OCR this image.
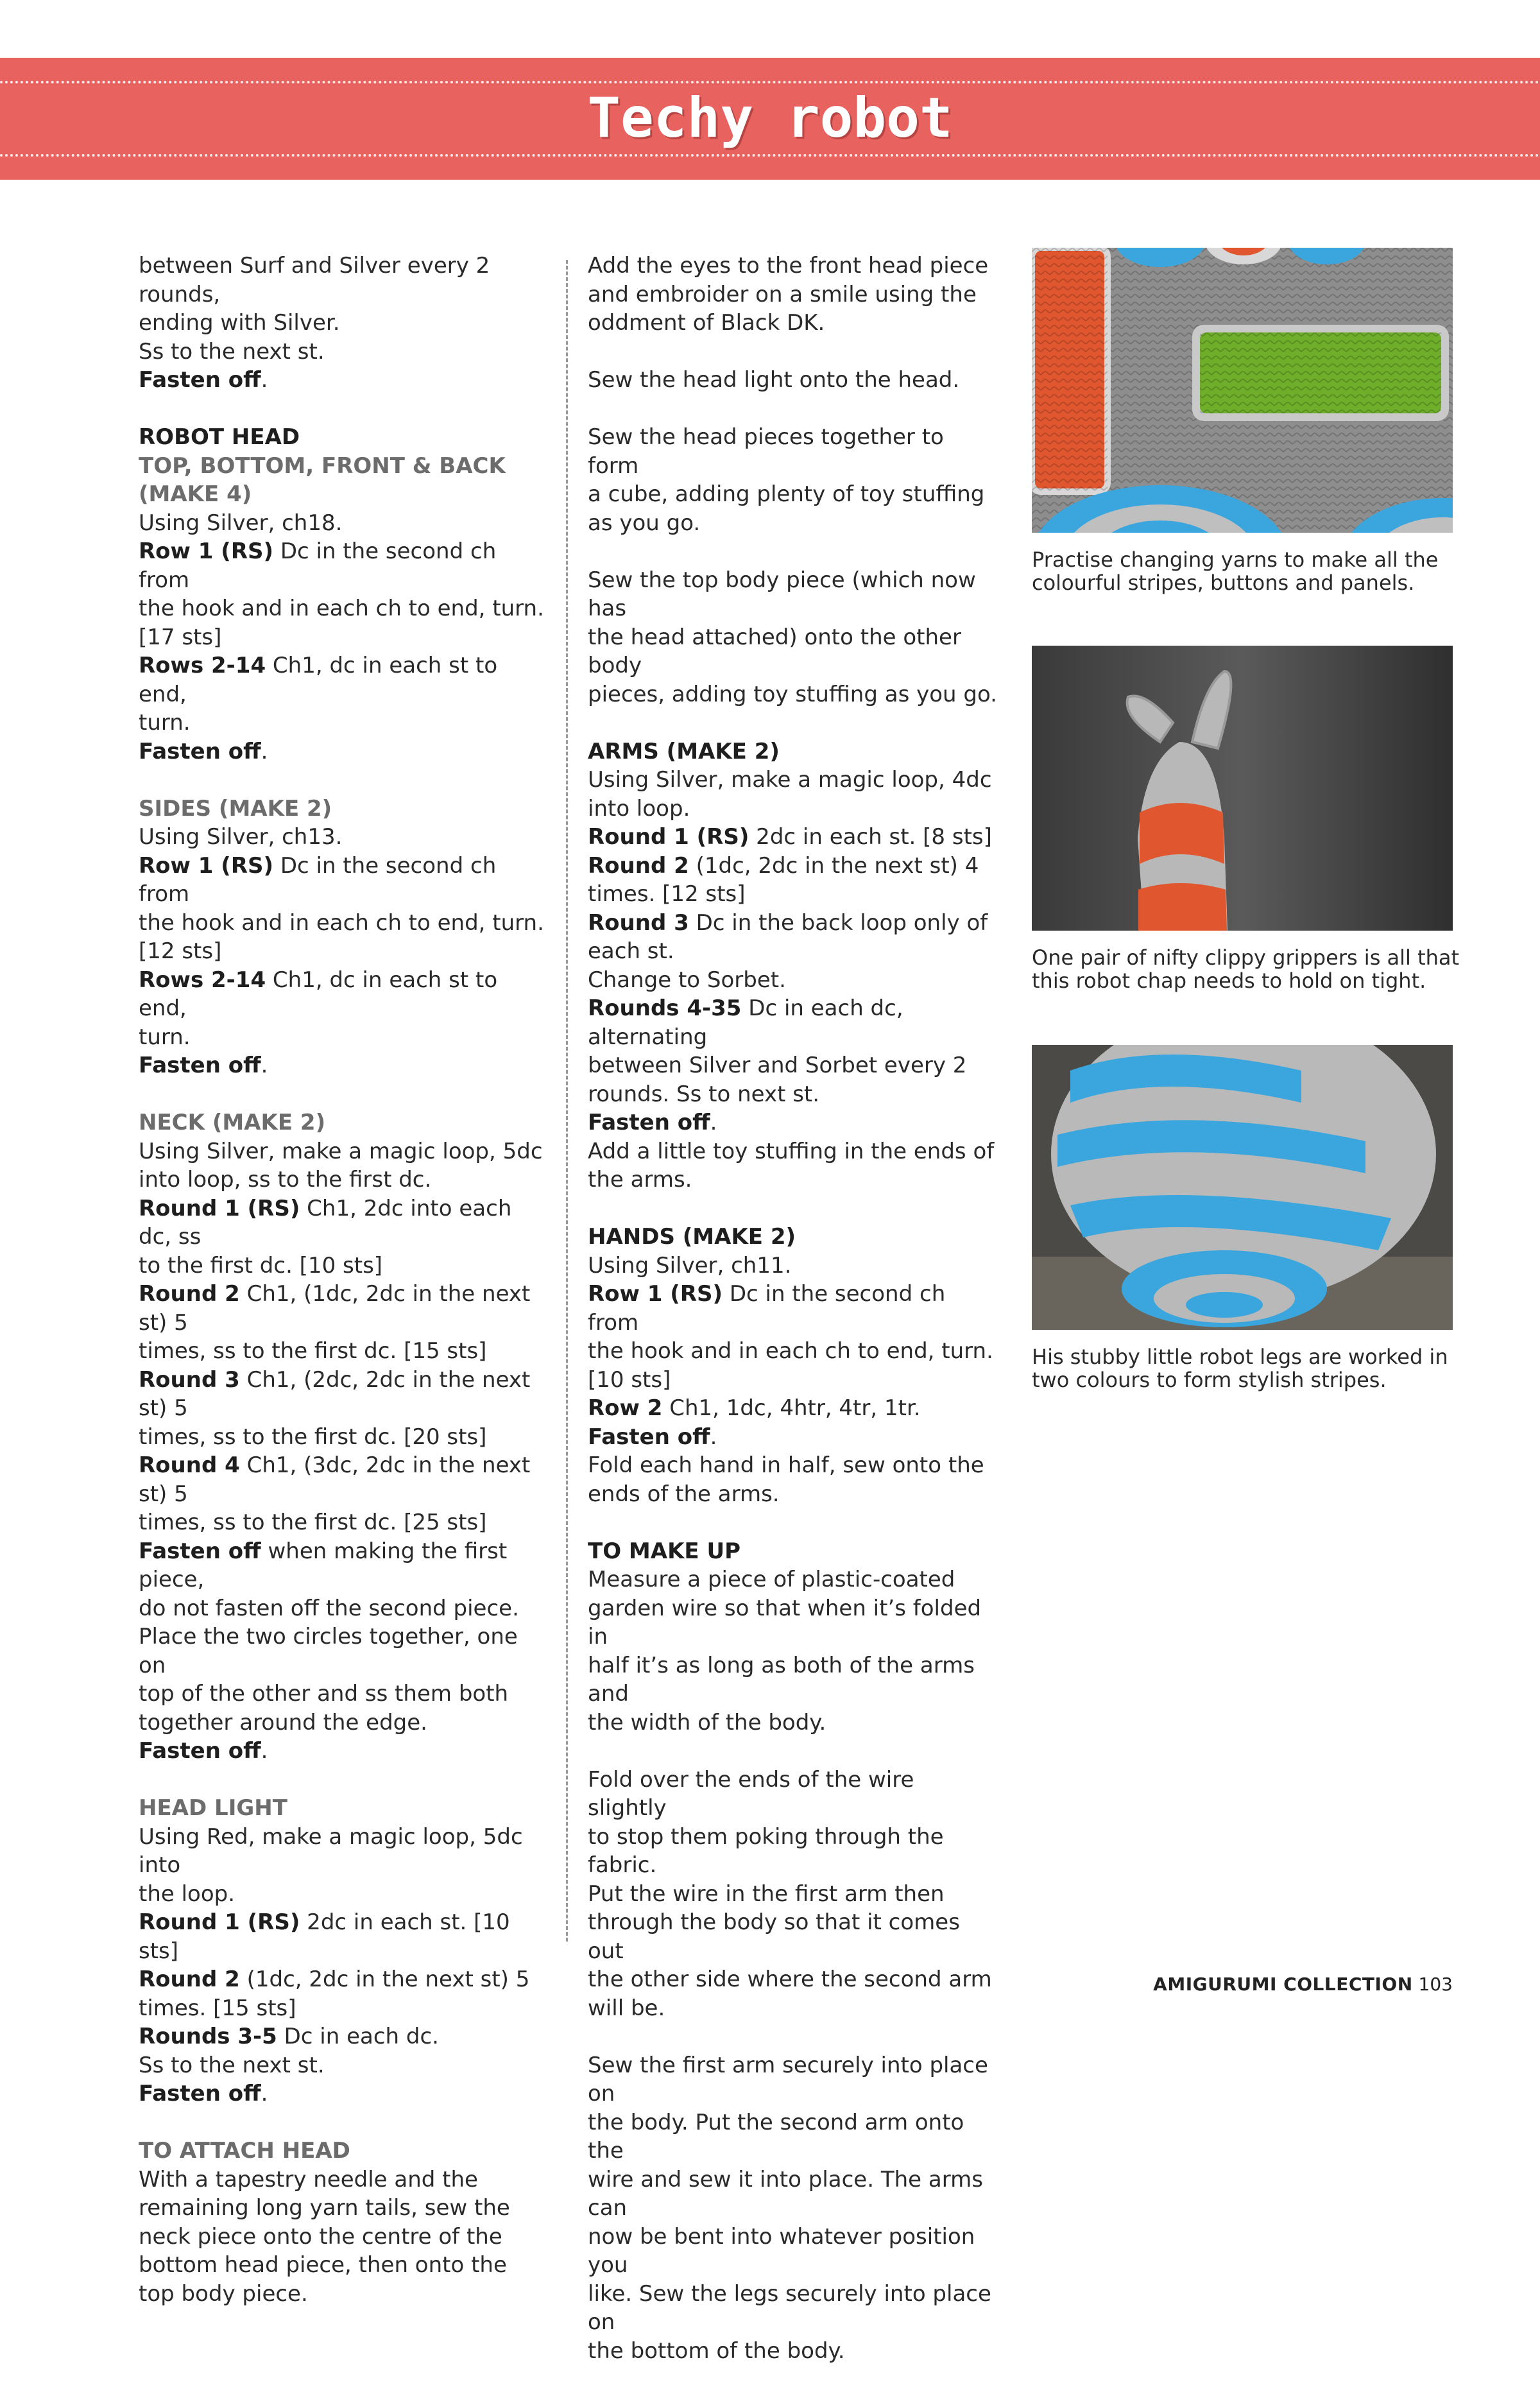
Techy robot

between Surf and Silver every 2 rounds,
ending with Silver.
Ss to the next st.
Fasten off.

ROBOT HEAD
TOP, BOTTOM, FRONT & BACK
(MAKE 4)
Using Silver, ch18.
Row 1 (RS) Dc in the second ch from
the hook and in each ch to end, turn.
[17 sts]
Rows 2-14 Ch1, dc in each st to end,
turn.
Fasten off.

SIDES (MAKE 2)
Using Silver, ch13.
Row 1 (RS) Dc in the second ch from
the hook and in each ch to end, turn.
[12 sts]
Rows 2-14 Ch1, dc in each st to end,
turn.
Fasten off.

NECK (MAKE 2)
Using Silver, make a magic loop, 5dc
into loop, ss to the first dc.
Round 1 (RS) Ch1, 2dc into each dc, ss
to the first dc. [10 sts]
Round 2 Ch1, (1dc, 2dc in the next st) 5
times, ss to the first dc. [15 sts]
Round 3 Ch1, (2dc, 2dc in the next st) 5
times, ss to the first dc. [20 sts]
Round 4 Ch1, (3dc, 2dc in the next st) 5
times, ss to the first dc. [25 sts]
Fasten off when making the first piece,
do not fasten off the second piece.
Place the two circles together, one on
top of the other and ss them both
together around the edge.
Fasten off.

HEAD LIGHT
Using Red, make a magic loop, 5dc into
the loop.
Round 1 (RS) 2dc in each st. [10 sts]
Round 2 (1dc, 2dc in the next st) 5
times. [15 sts]
Rounds 3-5 Dc in each dc.
Ss to the next st.
Fasten off.

TO ATTACH HEAD
With a tapestry needle and the
remaining long yarn tails, sew the
neck piece onto the centre of the
bottom head piece, then onto the
top body piece.

Add the eyes to the front head piece
and embroider on a smile using the
oddment of Black DK.

Sew the head light onto the head.

Sew the head pieces together to form
a cube, adding plenty of toy stuffing
as you go.

Sew the top body piece (which now has
the head attached) onto the other body
pieces, adding toy stuffing as you go.

ARMS (MAKE 2)
Using Silver, make a magic loop, 4dc
into loop.
Round 1 (RS) 2dc in each st. [8 sts]
Round 2 (1dc, 2dc in the next st) 4
times. [12 sts]
Round 3 Dc in the back loop only of
each st.
Change to Sorbet.
Rounds 4-35 Dc in each dc, alternating
between Silver and Sorbet every 2
rounds. Ss to next st.
Fasten off.
Add a little toy stuffing in the ends of
the arms.

HANDS (MAKE 2)
Using Silver, ch11.
Row 1 (RS) Dc in the second ch from
the hook and in each ch to end, turn.
[10 sts]
Row 2 Ch1, 1dc, 4htr, 4tr, 1tr.
Fasten off.
Fold each hand in half, sew onto the
ends of the arms.

TO MAKE UP
Measure a piece of plastic-coated
garden wire so that when it’s folded in
half it’s as long as both of the arms and
the width of the body.

Fold over the ends of the wire slightly
to stop them poking through the fabric.
Put the wire in the first arm then
through the body so that it comes out
the other side where the second arm
will be.

Sew the first arm securely into place on
the body. Put the second arm onto the
wire and sew it into place. The arms can
now be bent into whatever position you
like. Sew the legs securely into place on
the bottom of the body.

Practise changing yarns to make all the
colourful stripes, buttons and panels.
One pair of nifty clippy grippers is all that
this robot chap needs to hold on tight.
His stubby little robot legs are worked in
two colours to form stylish stripes.
AMIGURUMI COLLECTION 103
